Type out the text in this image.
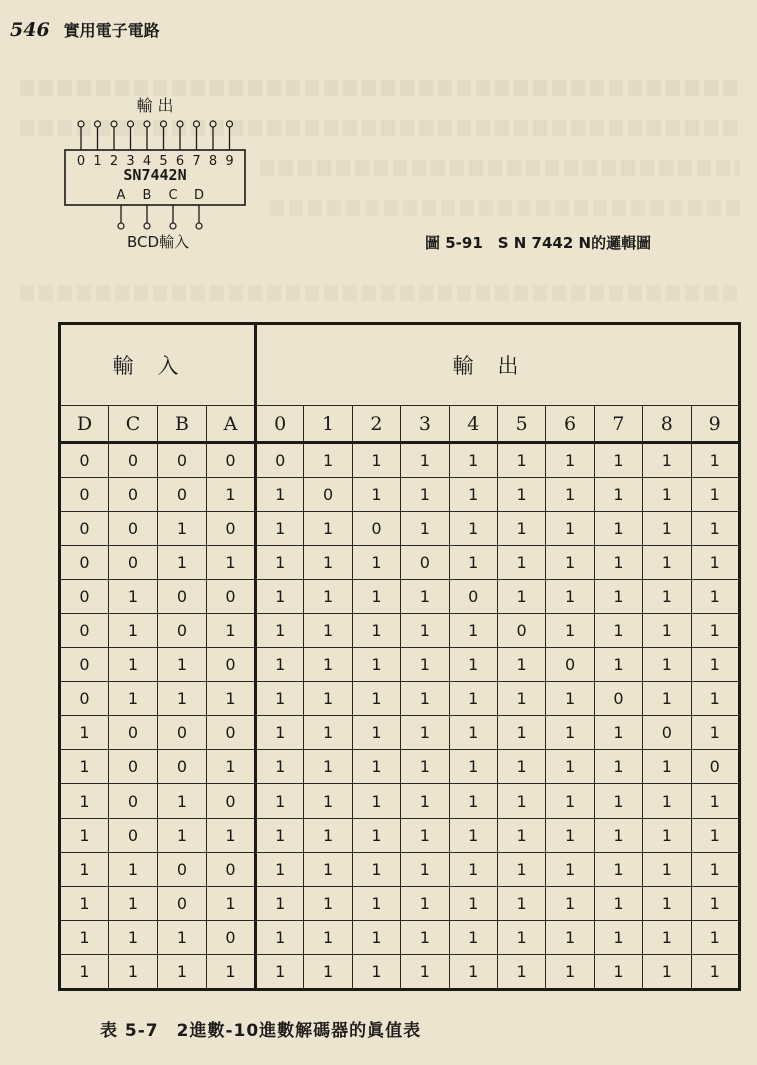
546 實用電子電路
輸 出
0 1 2 3 4 5 6 7 8 9
SN7442N
A B C D
BCD輸入	圖 5-91　S N 7442 N的邏輯圖
輸入				輸出									
D	C	B	A	0	1	2	3	4	5	6	7	8	9
0	0	0	0	0	1	1	1	1	1	1	1	1	1
0	0	0	1	1	0	1	1	1	1	1	1	1	1
0	0	1	0	1	1	0	1	1	1	1	1	1	1
0	0	1	1	1	1	1	0	1	1	1	1	1	1
0	1	0	0	1	1	1	1	0	1	1	1	1	1
0	1	0	1	1	1	1	1	1	0	1	1	1	1
0	1	1	0	1	1	1	1	1	1	0	1	1	1
0	1	1	1	1	1	1	1	1	1	1	0	1	1
1	0	0	0	1	1	1	1	1	1	1	1	0	1
1	0	0	1	1	1	1	1	1	1	1	1	1	0
1	0	1	0	1	1	1	1	1	1	1	1	1	1
1	0	1	1	1	1	1	1	1	1	1	1	1	1
1	1	0	0	1	1	1	1	1	1	1	1	1	1
1	1	0	1	1	1	1	1	1	1	1	1	1	1
1	1	1	0	1	1	1	1	1	1	1	1	1	1
1	1	1	1	1	1	1	1	1	1	1	1	1	1
表 5-7　2進數-10進數解碼器的眞值表
